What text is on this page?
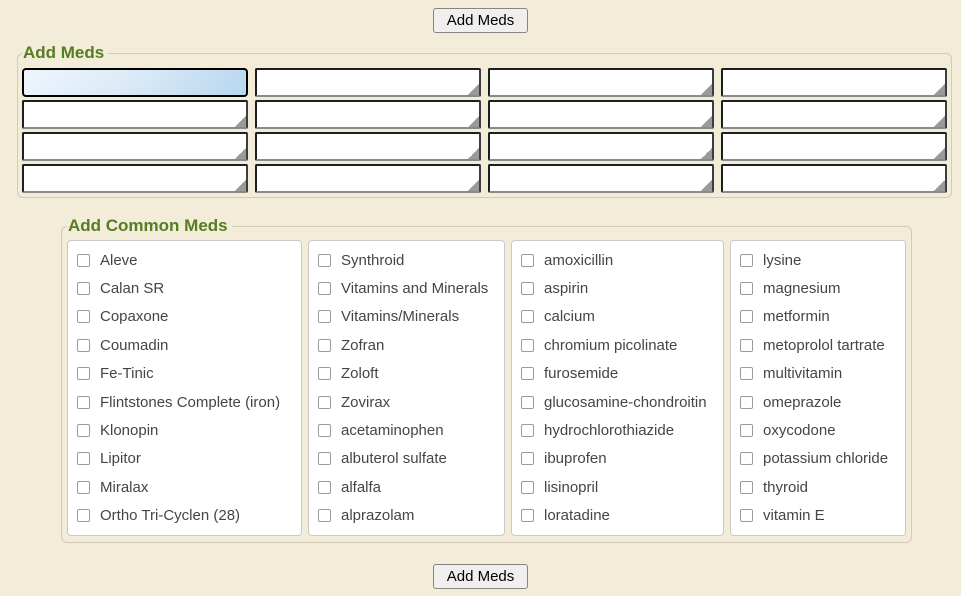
Add Meds
Add Meds
Add Common Meds
Aleve
Calan SR
Copaxone
Coumadin
Fe-Tinic
Flintstones Complete (iron)
Klonopin
Lipitor
Miralax
Ortho Tri-Cyclen (28)
Synthroid
Vitamins and Minerals
Vitamins/Minerals
Zofran
Zoloft
Zovirax
acetaminophen
albuterol sulfate
alfalfa
alprazolam
amoxicillin
aspirin
calcium
chromium picolinate
furosemide
glucosamine-chondroitin
hydrochlorothiazide
ibuprofen
lisinopril
loratadine
lysine
magnesium
metformin
metoprolol tartrate
multivitamin
omeprazole
oxycodone
potassium chloride
thyroid
vitamin E
Add Meds
